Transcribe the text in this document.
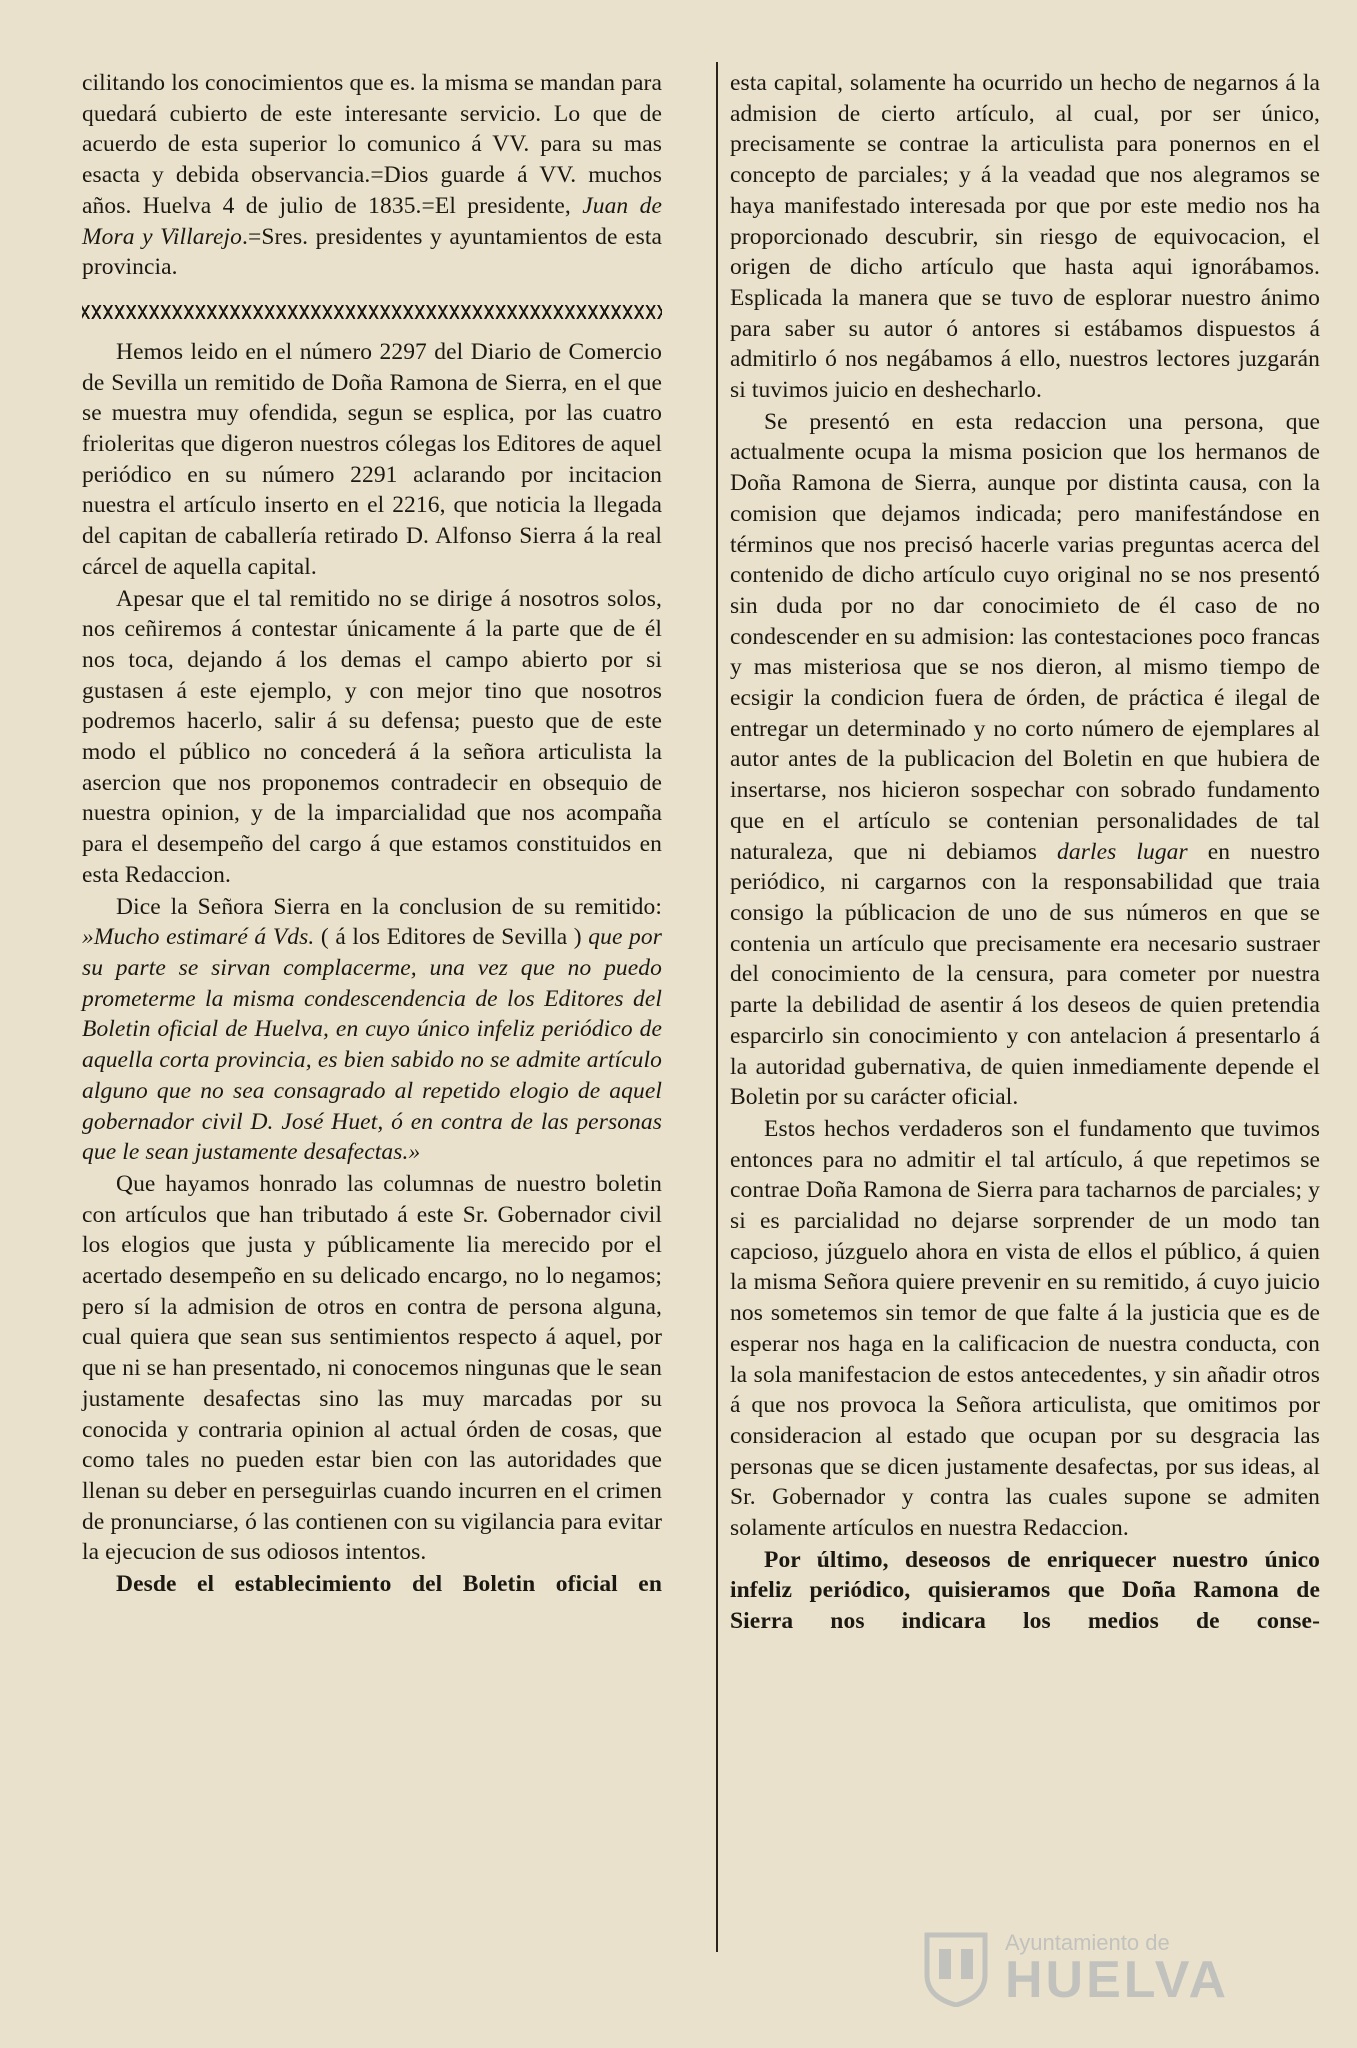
cilitando los conocimientos que es. la misma se mandan para quedará cubierto de este interesante servicio. Lo que de acuerdo de esta superior lo comunico á VV. para su mas esacta y debida observancia.=Dios guarde á VV. muchos años. Huelva 4 de julio de 1835.=El presidente, Juan de Mora y Villarejo.=Sres. presidentes y ayuntamientos de esta provincia.

Hemos leido en el número 2297 del Diario de Comercio de Sevilla un remitido de Doña Ramona de Sierra, en el que se muestra muy ofendida, segun se esplica, por las cuatro frioleritas que digeron nuestros cólegas los Editores de aquel periódico en su número 2291 aclarando por incitacion nuestra el artículo inserto en el 2216, que noticia la llegada del capitan de caballería retirado D. Alfonso Sierra á la real cárcel de aquella capital.

Apesar que el tal remitido no se dirige á nosotros solos, nos ceñiremos á contestar únicamente á la parte que de él nos toca, dejando á los demas el campo abierto por si gustasen á este ejemplo, y con mejor tino que nosotros podremos hacerlo, salir á su defensa; puesto que de este modo el público no concederá á la señora articulista la asercion que nos proponemos contradecir en obsequio de nuestra opinion, y de la imparcialidad que nos acompaña para el desempeño del cargo á que estamos constituidos en esta Redaccion.

Dice la Señora Sierra en la conclusion de su remitido: »Mucho estimaré á Vds. ( á los Editores de Sevilla ) que por su parte se sirvan complacerme, una vez que no puedo prometerme la misma condescendencia de los Editores del Boletin oficial de Huelva, en cuyo único infeliz periódico de aquella corta provincia, es bien sabido no se admite artículo alguno que no sea consagrado al repetido elogio de aquel gobernador civil D. José Huet, ó en contra de las personas que le sean justamente desafectas.»

Que hayamos honrado las columnas de nuestro boletin con artículos que han tributado á este Sr. Gobernador civil los elogios que justa y públicamente lia merecido por el acertado desempeño en su delicado encargo, no lo negamos; pero sí la admision de otros en contra de persona alguna, cual quiera que sean sus sentimientos respecto á aquel, por que ni se han presentado, ni conocemos ningunas que le sean justamente desafectas sino las muy marcadas por su conocida y contraria opinion al actual órden de cosas, que como tales no pueden estar bien con las autoridades que llenan su deber en perseguirlas cuando incurren en el crimen de pronunciarse, ó las contienen con su vigilancia para evitar la ejecucion de sus odiosos intentos.

Desde el establecimiento del Boletin oficial en

esta capital, solamente ha ocurrido un hecho de negarnos á la admision de cierto artículo, al cual, por ser único, precisamente se contrae la articulista para ponernos en el concepto de parciales; y á la veadad que nos alegramos se haya manifestado interesada por que por este medio nos ha proporcionado descubrir, sin riesgo de equivocacion, el origen de dicho artículo que hasta aqui ignorábamos. Esplicada la manera que se tuvo de esplorar nuestro ánimo para saber su autor ó antores si estábamos dispuestos á admitirlo ó nos negábamos á ello, nuestros lectores juzgarán si tuvimos juicio en deshecharlo.

Se presentó en esta redaccion una persona, que actualmente ocupa la misma posicion que los hermanos de Doña Ramona de Sierra, aunque por distinta causa, con la comision que dejamos indicada; pero manifestándose en términos que nos precisó hacerle varias preguntas acerca del contenido de dicho artículo cuyo original no se nos presentó sin duda por no dar conocimieto de él caso de no condescender en su admision: las contestaciones poco francas y mas misteriosa que se nos dieron, al mismo tiempo de ecsigir la condicion fuera de órden, de práctica é ilegal de entregar un determinado y no corto número de ejemplares al autor antes de la publicacion del Boletin en que hubiera de insertarse, nos hicieron sospechar con sobrado fundamento que en el artículo se contenian personalidades de tal naturaleza, que ni debiamos darles lugar en nuestro periódico, ni cargarnos con la responsabilidad que traia consigo la públicacion de uno de sus números en que se contenia un artículo que precisamente era necesario sustraer del conocimiento de la censura, para cometer por nuestra parte la debilidad de asentir á los deseos de quien pretendia esparcirlo sin conocimiento y con antelacion á presentarlo á la autoridad gubernativa, de quien inmediamente depende el Boletin por su carácter oficial.

Estos hechos verdaderos son el fundamento que tuvimos entonces para no admitir el tal artículo, á que repetimos se contrae Doña Ramona de Sierra para tacharnos de parciales; y si es parcialidad no dejarse sorprender de un modo tan capcioso, júzguelo ahora en vista de ellos el público, á quien la misma Señora quiere prevenir en su remitido, á cuyo juicio nos sometemos sin temor de que falte á la justicia que es de esperar nos haga en la calificacion de nuestra conducta, con la sola manifestacion de estos antecedentes, y sin añadir otros á que nos provoca la Señora articulista, que omitimos por consideracion al estado que ocupan por su desgracia las personas que se dicen justamente desafectas, por sus ideas, al Sr. Gobernador y contra las cuales supone se admiten solamente artículos en nuestra Redaccion.

Por último, deseosos de enriquecer nuestro único infeliz periódico, quisieramos que Doña Ramona de Sierra nos indicara los medios de conse-

Ayuntamiento de
HUELVA
